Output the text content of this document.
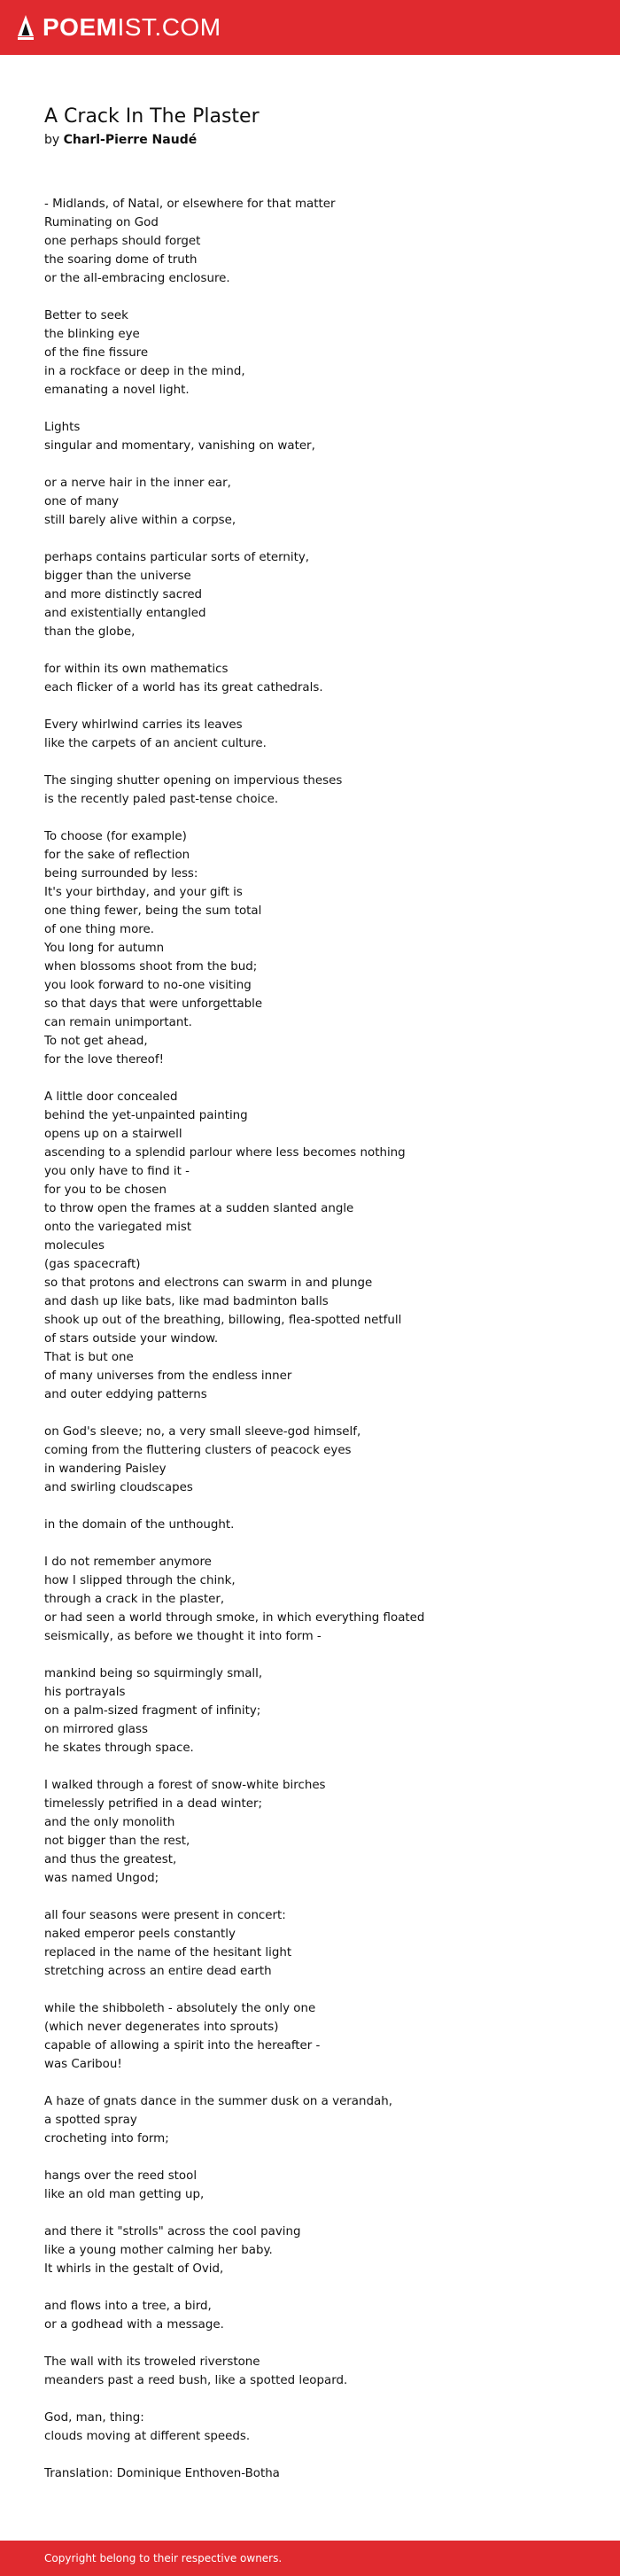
POEM IST.COM
A Crack In The Plaster
by Charl-Pierre Naudé
- Midlands, of Natal, or elsewhere for that matter
Ruminating on God
one perhaps should forget
the soaring dome of truth
or the all-embracing enclosure.
Better to seek
the blinking eye
of the fine fissure
in a rockface or deep in the mind,
emanating a novel light.
Lights
singular and momentary, vanishing on water,
or a nerve hair in the inner ear,
one of many
still barely alive within a corpse,
perhaps contains particular sorts of eternity,
bigger than the universe
and more distinctly sacred
and existentially entangled
than the globe,
for within its own mathematics
each flicker of a world has its great cathedrals.
Every whirlwind carries its leaves
like the carpets of an ancient culture.
The singing shutter opening on impervious theses
is the recently paled past-tense choice.
To choose (for example)
for the sake of reflection
being surrounded by less:
It's your birthday, and your gift is
one thing fewer, being the sum total
of one thing more.
You long for autumn
when blossoms shoot from the bud;
you look forward to no-one visiting
so that days that were unforgettable
can remain unimportant.
To not get ahead,
for the love thereof!
A little door concealed
behind the yet-unpainted painting
opens up on a stairwell
ascending to a splendid parlour where less becomes nothing
you only have to find it -
for you to be chosen
to throw open the frames at a sudden slanted angle
onto the variegated mist
molecules
(gas spacecraft)
so that protons and electrons can swarm in and plunge
and dash up like bats, like mad badminton balls
shook up out of the breathing, billowing, flea-spotted netfull
of stars outside your window.
That is but one
of many universes from the endless inner
and outer eddying patterns
on God's sleeve; no, a very small sleeve-god himself,
coming from the fluttering clusters of peacock eyes
in wandering Paisley
and swirling cloudscapes
in the domain of the unthought.
I do not remember anymore
how I slipped through the chink,
through a crack in the plaster,
or had seen a world through smoke, in which everything floated
seismically, as before we thought it into form -
mankind being so squirmingly small,
his portrayals
on a palm-sized fragment of infinity;
on mirrored glass
he skates through space.
I walked through a forest of snow-white birches
timelessly petrified in a dead winter;
and the only monolith
not bigger than the rest,
and thus the greatest,
was named Ungod;
all four seasons were present in concert:
naked emperor peels constantly
replaced in the name of the hesitant light
stretching across an entire dead earth
while the shibboleth - absolutely the only one
(which never degenerates into sprouts)
capable of allowing a spirit into the hereafter -
was Caribou!
A haze of gnats dance in the summer dusk on a verandah,
a spotted spray
crocheting into form;
hangs over the reed stool
like an old man getting up,
and there it "strolls" across the cool paving
like a young mother calming her baby.
It whirls in the gestalt of Ovid,
and flows into a tree, a bird,
or a godhead with a message.
The wall with its troweled riverstone
meanders past a reed bush, like a spotted leopard.
God, man, thing:
clouds moving at different speeds.
Translation: Dominique Enthoven-Botha
Copyright belong to their respective owners.
